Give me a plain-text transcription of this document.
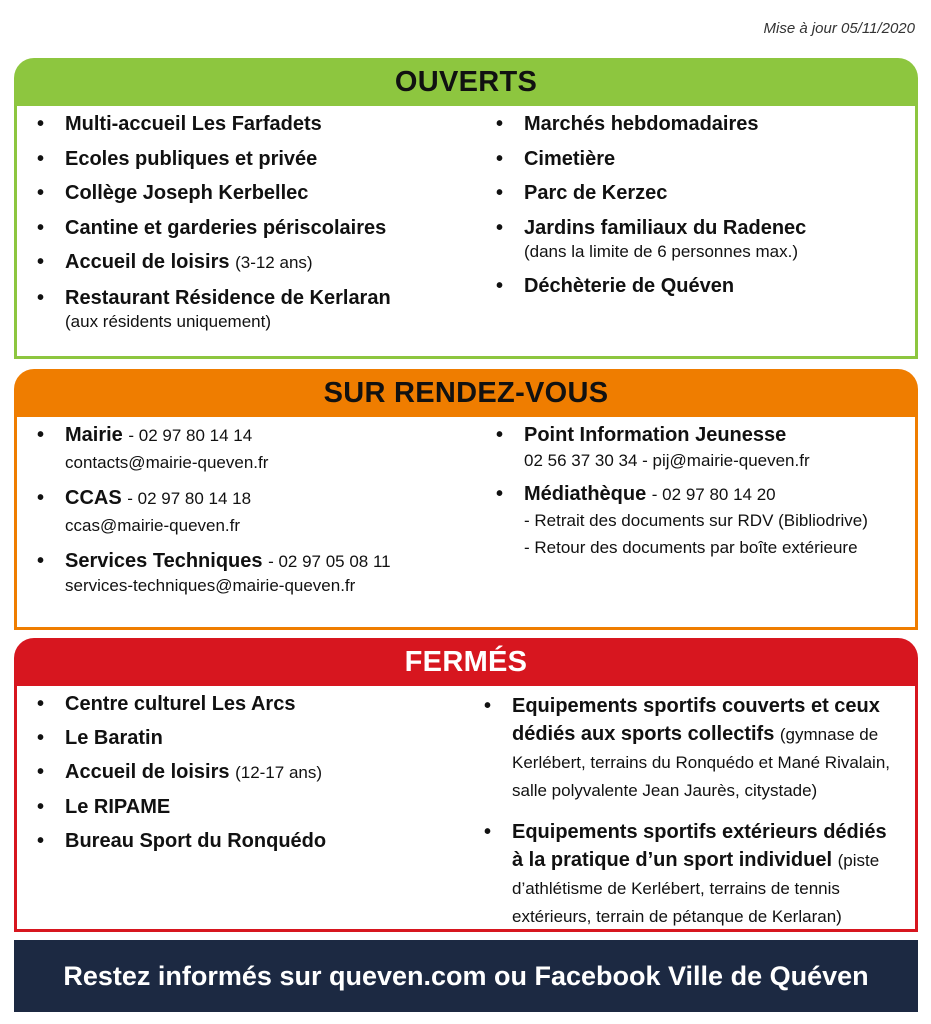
Mise à jour 05/11/2020
OUVERTS
• Multi-accueil Les Farfadets
• Ecoles publiques et privée
• Collège Joseph Kerbellec
• Cantine et garderies périscolaires
• Accueil de loisirs (3-12 ans)
• Restaurant Résidence de Kerlaran
(aux résidents uniquement)
• Marchés hebdomadaires
• Cimetière
• Parc de Kerzec
• Jardins familiaux du Radenec
(dans la limite de 6 personnes max.)
• Déchèterie de Quéven
SUR RENDEZ-VOUS
• Mairie - 02 97 80 14 14
contacts@mairie-queven.fr
• CCAS - 02 97 80 14 18
ccas@mairie-queven.fr
• Services Techniques - 02 97 05 08 11
services-techniques@mairie-queven.fr
• Point Information Jeunesse
02 56 37 30 34 - pij@mairie-queven.fr
• Médiathèque - 02 97 80 14 20
- Retrait des documents sur RDV (Bibliodrive)
- Retour des documents par boîte extérieure
FERMÉS
• Centre culturel Les Arcs
• Le Baratin
• Accueil de loisirs (12-17 ans)
• Le RIPAME
• Bureau Sport du Ronquédo
• Equipements sportifs couverts et ceux dédiés aux sports collectifs (gymnase de Kerlébert, terrains du Ronquédo et Mané Rivalain, salle polyvalente Jean Jaurès, citystade)
• Equipements sportifs extérieurs dédiés à la pratique d’un sport individuel (piste d’athlétisme de Kerlébert, terrains de tennis extérieurs, terrain de pétanque de Kerlaran)
Restez informés sur queven.com ou Facebook Ville de Quéven
